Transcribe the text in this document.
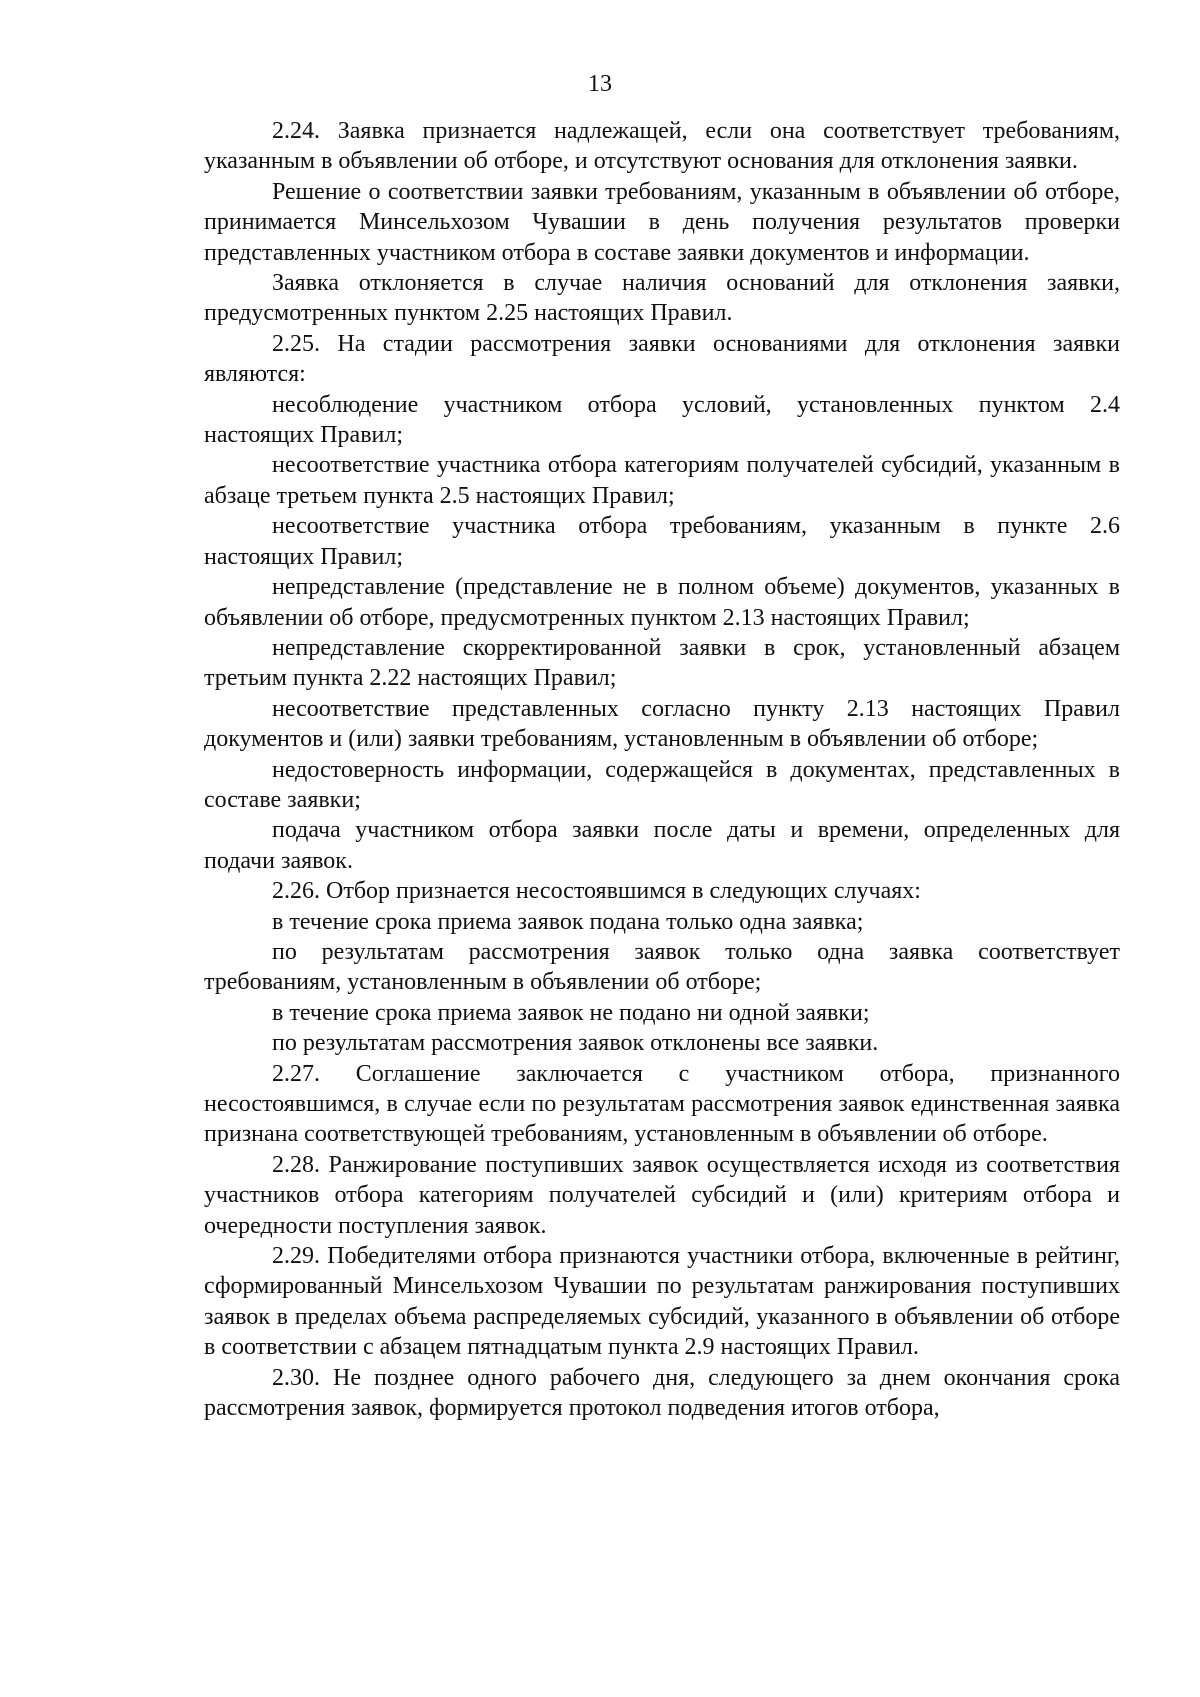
13

2.24. Заявка признается надлежащей, если она соответствует требованиям, указанным в объявлении об отборе, и отсутствуют основания для отклонения заявки.

Решение о соответствии заявки требованиям, указанным в объявлении об отборе, принимается Минсельхозом Чувашии в день получения результатов проверки представленных участником отбора в составе заявки документов и информации.

Заявка отклоняется в случае наличия оснований для отклонения заявки, предусмотренных пунктом 2.25 настоящих Правил.

2.25. На стадии рассмотрения заявки основаниями для отклонения заявки являются:

несоблюдение участником отбора условий, установленных пунктом 2.4 настоящих Правил;

несоответствие участника отбора категориям получателей субсидий, указанным в абзаце третьем пункта 2.5 настоящих Правил;

несоответствие участника отбора требованиям, указанным в пункте 2.6 настоящих Правил;

непредставление (представление не в полном объеме) документов, указанных в объявлении об отборе, предусмотренных пунктом 2.13 настоящих Правил;

непредставление скорректированной заявки в срок, установленный абзацем третьим пункта 2.22 настоящих Правил;

несоответствие представленных согласно пункту 2.13 настоящих Правил документов и (или) заявки требованиям, установленным в объявлении об отборе;

недостоверность информации, содержащейся в документах, представленных в составе заявки;

подача участником отбора заявки после даты и времени, определенных для подачи заявок.

2.26. Отбор признается несостоявшимся в следующих случаях:

в течение срока приема заявок подана только одна заявка;

по результатам рассмотрения заявок только одна заявка соответствует требованиям, установленным в объявлении об отборе;

в течение срока приема заявок не подано ни одной заявки;

по результатам рассмотрения заявок отклонены все заявки.

2.27. Соглашение заключается с участником отбора, признанного несостоявшимся, в случае если по результатам рассмотрения заявок единственная заявка признана соответствующей требованиям, установленным в объявлении об отборе.

2.28. Ранжирование поступивших заявок осуществляется исходя из соответствия участников отбора категориям получателей субсидий и (или) критериям отбора и очередности поступления заявок.

2.29. Победителями отбора признаются участники отбора, включенные в рейтинг, сформированный Минсельхозом Чувашии по результатам ранжирования поступивших заявок в пределах объема распределяемых субсидий, указанного в объявлении об отборе в соответствии с абзацем пятнадцатым пункта 2.9 настоящих Правил.

2.30. Не позднее одного рабочего дня, следующего за днем окончания срока рассмотрения заявок, формируется протокол подведения итогов отбора,
